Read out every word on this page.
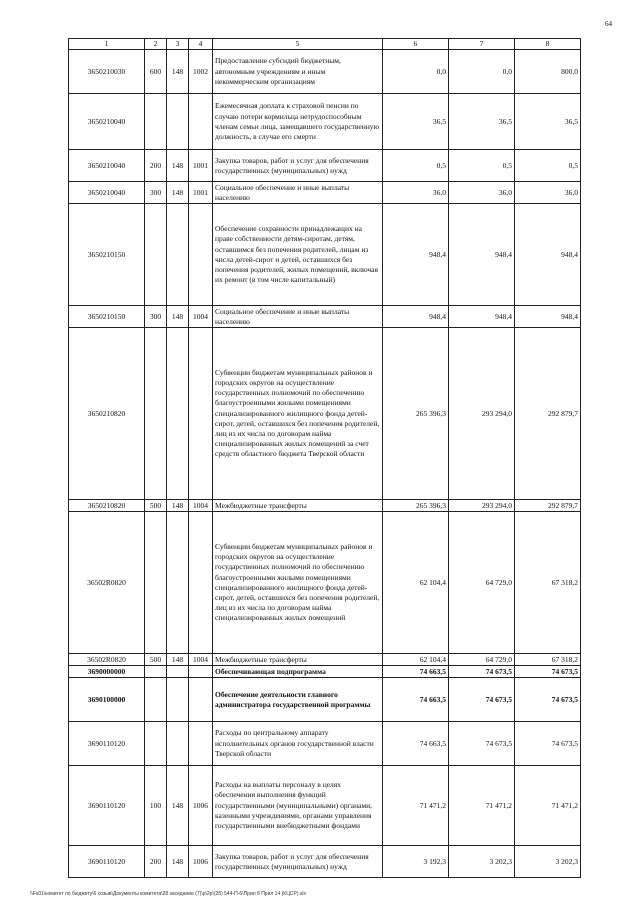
64
1	2	3	4	5	6	7	8
3650210030	600	148	1002	Предоставление субсидий бюджетным, автономным учреждениям и иным некоммерческим организациям	0,0	0,0	800,0
3650210040				Ежемесячная доплата к страховой пенсии по случаю потери кормильца нетрудоспособным членам семьи лица, замещавшего государственную должность, в случае его смерти	36,5	36,5	36,5
3650210040	200	148	1001	Закупка товаров, работ и услуг для обеспечения государственных (муниципальных) нужд	0,5	0,5	0,5
3650210040	300	148	1001	Социальное обеспечение и иные выплаты населению	36,0	36,0	36,0
3650210150				Обеспечение сохранности принадлежащих на праве собственности детям-сиротам, детям, оставшимся без попечения родителей, лицам из числа детей-сирот и детей, оставшихся без попечения родителей, жилых помещений, включая их ремонт (в том числе капитальный)	948,4	948,4	948,4
3650210150	300	148	1004	Социальное обеспечение и иные выплаты населению	948,4	948,4	948,4
3650210820				Субвенции бюджетам муниципальных районов и городских округов на осуществление государственных полномочий по обеспечению благоустроенными жилыми помещениями специализированного жилищного фонда детей-сирот, детей, оставшихся без попечения родителей, лиц из их числа по договорам найма специализированных жилых помещений за счет средств областного бюджета Тверской области	265 396,3	293 294,0	292 879,7
3650210820	500	148	1004	Межбюджетные трансферты	265 396,3	293 294,0	292 879,7
36502R0820				Субвенции бюджетам муниципальных районов и городских округов на осуществление государственных полномочий по обеспечению благоустроенными жилыми помещениями специализированного жилищного фонда детей-сирот, детей, оставшихся без попечения родителей, лиц из их числа по договорам найма специализированных жилых помещений	62 104,4	64 729,0	67 318,2
36502R0820	500	148	1004	Межбюджетные трансферты	62 104,4	64 729,0	67 318,2
3690000000				Обеспечивающая подпрограмма	74 663,5	74 673,5	74 673,5
3690100000				Обеспечение деятельности главного администратора государственной программы	74 663,5	74 673,5	74 673,5
3690110120				Расходы по центральному аппарату исполнительных органов государственной власти Тверской области	74 663,5	74 673,5	74 673,5
3690110120	100	148	1006	Расходы на выплаты персоналу в целях обеспечения выполнения функций государственными (муниципальными) органами, казенными учреждениями, органами управления государственными внебюджетными фондами	71 471,2	71 471,2	71 471,2
3690110120	200	148	1006	Закупка товаров, работ и услуг для обеспечения государственных (муниципальных) нужд	3 192,3	3 202,3	3 202,3
\\Fs01\комитет по бюджету\6 созыв\Документы комитета\28 заседание (7)\р\2р\(28) 544-П-6\Прил 8 Прил 14 (КЦСР).xls
